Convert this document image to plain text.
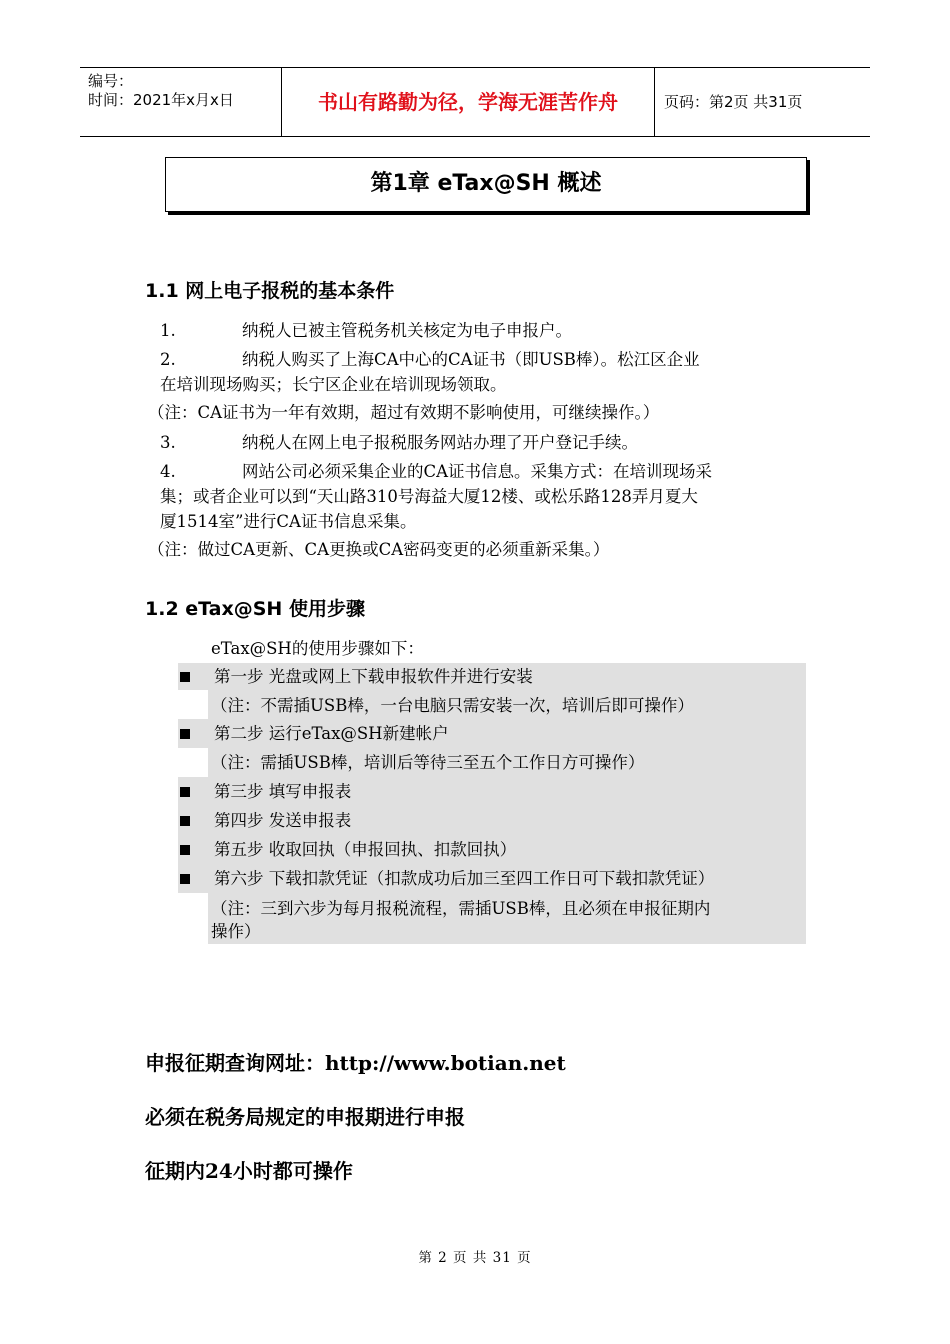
编号：
时间：2021年x月x日	书山有路勤为径，学海无涯苦作舟	页码：第2页 共31页
第1章 eTax@SH 概述
1.1 网上电子报税的基本条件
1.	纳税人已被主管税务机关核定为电子申报户。
2.	纳税人购买了上海CA中心的CA证书（即USB棒）。松江区企业
在培训现场购买；长宁区企业在培训现场领取。
（注：CA证书为一年有效期，超过有效期不影响使用，可继续操作。）
3.	纳税人在网上电子报税服务网站办理了开户登记手续。
4.	网站公司必须采集企业的CA证书信息。采集方式：在培训现场采
集；或者企业可以到“天山路310号海益大厦12楼、或松乐路128弄月夏大
厦1514室”进行CA证书信息采集。
（注：做过CA更新、CA更换或CA密码变更的必须重新采集。）
1.2 eTax@SH 使用步骤
eTax@SH的使用步骤如下：
第一步 光盘或网上下载申报软件并进行安装
（注：不需插USB棒，一台电脑只需安装一次，培训后即可操作）
第二步 运行eTax@SH新建帐户
（注：需插USB棒，培训后等待三至五个工作日方可操作）
第三步 填写申报表
第四步 发送申报表
第五步 收取回执（申报回执、扣款回执）
第六步 下载扣款凭证（扣款成功后加三至四工作日可下载扣款凭证）
（注：三到六步为每月报税流程，需插USB棒，且必须在申报征期内
操作）
申报征期查询网址：http://www.botian.net
必须在税务局规定的申报期进行申报
征期内24小时都可操作
第 2 页 共 31 页
